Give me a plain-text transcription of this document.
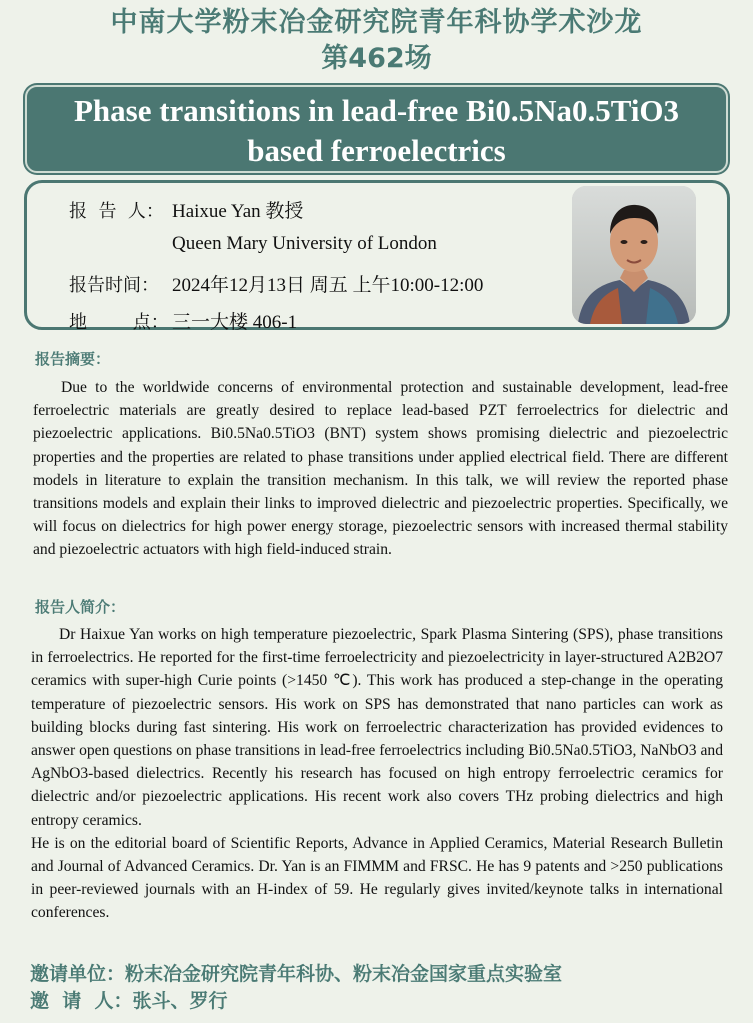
中南大学粉末冶金研究院青年科协学术沙龙
第462场
Phase transitions in lead-free Bi0.5Na0.5TiO3
based ferroelectrics
报  告  人： Haixue Yan 教授
Queen Mary University of London
报告时间： 2024年12月13日 周五 上午10:00-12:00
地        点： 三一大楼 406-1
报告摘要：

Due to the worldwide concerns of environmental protection and sustainable development, lead-free ferroelectric materials are greatly desired to replace lead-based PZT ferroelectrics for dielectric and piezoelectric applications. Bi0.5Na0.5TiO3 (BNT) system shows promising dielectric and piezoelectric properties and the properties are related to phase transitions under applied electrical field. There are different models in literature to explain the transition mechanism. In this talk, we will review the reported phase transitions models and explain their links to improved dielectric and piezoelectric properties. Specifically, we will focus on dielectrics for high power energy storage, piezoelectric sensors with increased thermal stability and piezoelectric actuators with high field-induced strain.

报告人简介：
Dr Haixue Yan works on high temperature piezoelectric, Spark Plasma Sintering (SPS), phase transitions in ferroelectrics. He reported for the first-time ferroelectricity and piezoelectricity in layer-structured A2B2O7 ceramics with super-high Curie points (>1450 ℃). This work has produced a step-change in the operating temperature of piezoelectric sensors. His work on SPS has demonstrated that nano particles can work as building blocks during fast sintering. His work on ferroelectric characterization has provided evidences to answer open questions on phase transitions in lead-free ferroelectrics including Bi0.5Na0.5TiO3, NaNbO3 and AgNbO3-based dielectrics. Recently his research has focused on high entropy ferroelectric ceramics for dielectric and/or piezoelectric applications. His recent work also covers THz probing dielectrics and high entropy ceramics.
He is on the editorial board of Scientific Reports, Advance in Applied Ceramics, Material Research Bulletin and Journal of Advanced Ceramics. Dr. Yan is an FIMMM and FRSC. He has 9 patents and >250 publications in peer-reviewed journals with an H-index of 59. He regularly gives invited/keynote talks in international conferences.
邀请单位：粉末冶金研究院青年科协、粉末冶金国家重点实验室
邀  请  人：张斗、罗行
